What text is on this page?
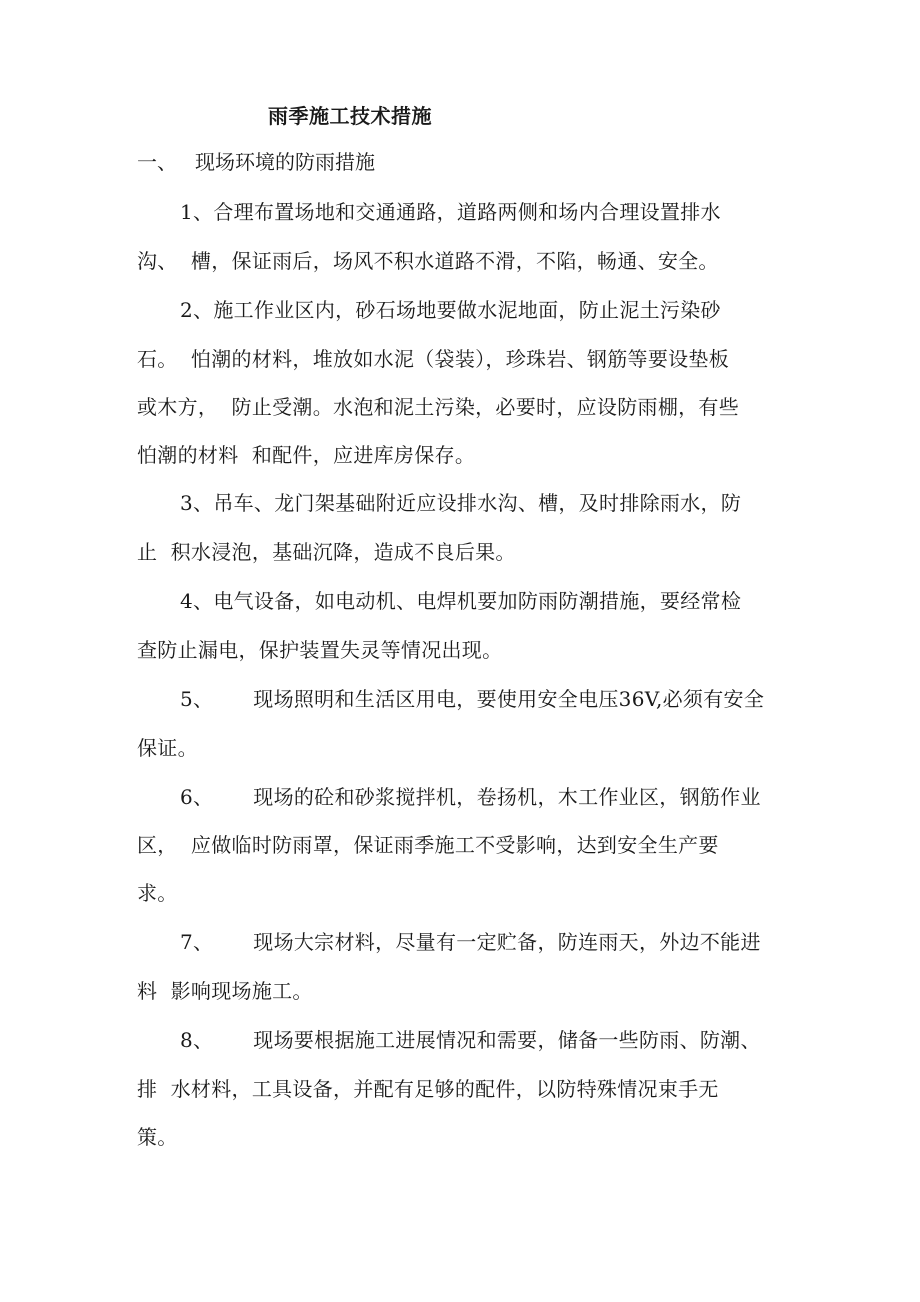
雨季施工技术措施

一、 现场环境的防雨措施

1、合理布置场地和交通通路，道路两侧和场内合理设置排水

沟、  槽，保证雨后，场风不积水道路不滑，不陷，畅通、安全。

2、施工作业区内，砂石场地要做水泥地面，防止泥土污染砂

石。  怕潮的材料，堆放如水泥（袋装），珍珠岩、钢筋等要设垫板

或木方，  防止受潮。水泡和泥土污染，必要时，应设防雨棚，有些

怕潮的材料  和配件，应进库房保存。

3、吊车、龙门架基础附近应设排水沟、槽，及时排除雨水，防

止  积水浸泡，基础沉降，造成不良后果。

4、电气设备，如电动机、电焊机要加防雨防潮措施，要经常检

查防止漏电，保护装置失灵等情况出现。

5、      现场照明和生活区用电，要使用安全电压36V,必须有安全

保证。

6、      现场的砼和砂浆搅拌机，卷扬机，木工作业区，钢筋作业

区，  应做临时防雨罩，保证雨季施工不受影响，达到安全生产要

求。

7、      现场大宗材料，尽量有一定贮备，防连雨天，外边不能进

料  影响现场施工。

8、      现场要根据施工进展情况和需要，储备一些防雨、防潮、

排  水材料，工具设备，并配有足够的配件，以防特殊情况束手无

策。
